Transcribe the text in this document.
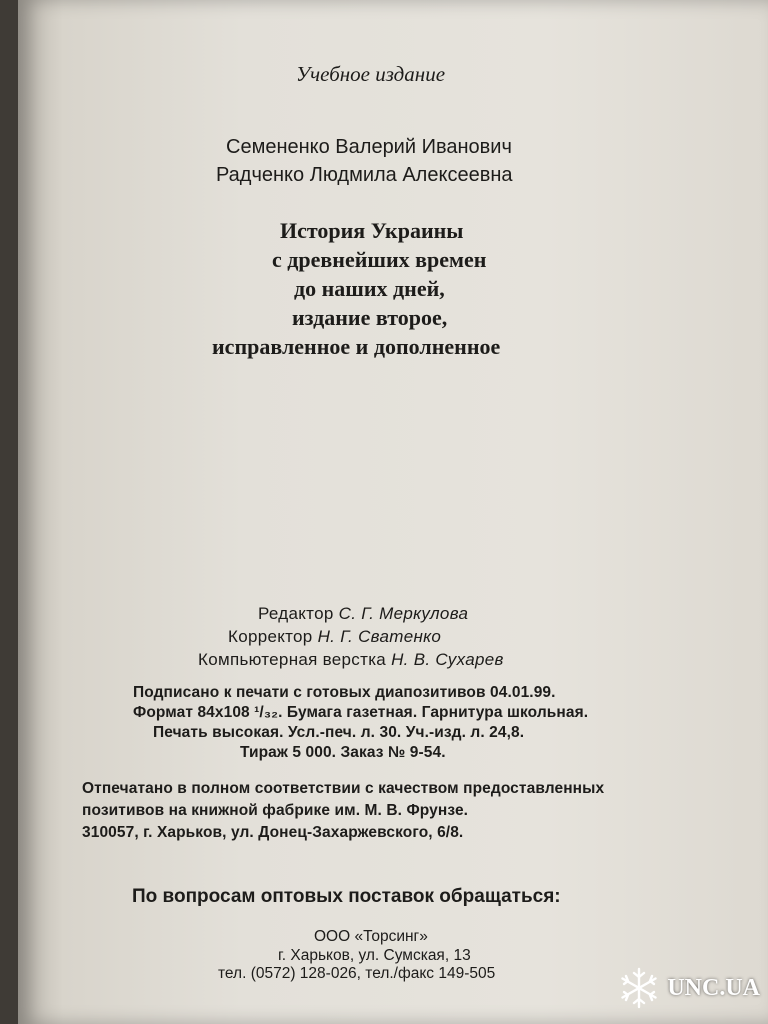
Учебное издание
Семененко Валерий Иванович
Радченко Людмила Алексеевна
История Украины
с древнейших времен
до наших дней,
издание второе,
исправленное и дополненное
Редактор С. Г. Меркулова
Корректор Н. Г. Сватенко
Компьютерная верстка Н. В. Сухарев
Подписано к печати с готовых диапозитивов 04.01.99.
Формат 84x108 ¹/₃₂. Бумага газетная. Гарнитура школьная.
Печать высокая. Усл.-печ. л. 30. Уч.-изд. л. 24,8.
Тираж 5 000. Заказ № 9-54.
Отпечатано в полном соответствии с качеством предоставленных
позитивов на книжной фабрике им. М. В. Фрунзе.
310057, г. Харьков, ул. Донец-Захаржевского, 6/8.
По вопросам оптовых поставок обращаться:
ООО «Торсинг»
г. Харьков, ул. Сумская, 13
тел. (0572) 128-026, тел./факс 149-505
UNC.UA
